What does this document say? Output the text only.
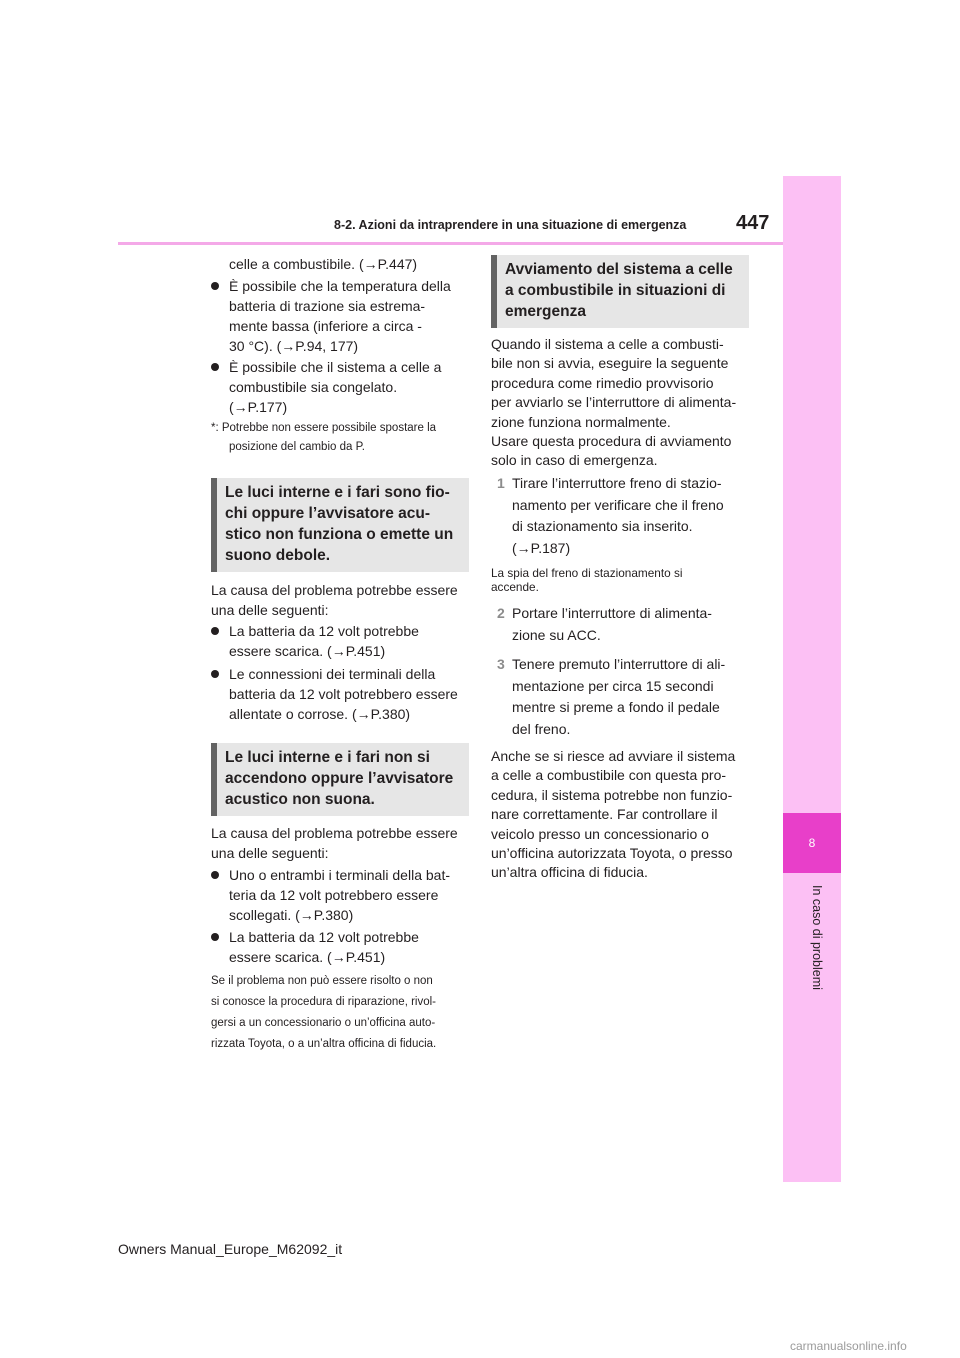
8-2. Azioni da intraprendere in una situazione di emergenza 447
8
In caso di problemi
celle a combustibile. (→P.447)
È possibile che la temperatura della
batteria di trazione sia estrema-
mente bassa (inferiore a circa -
30 °C). (→P.94, 177)
È possibile che il sistema a celle a
combustibile sia congelato.
(→P.177)
*: Potrebbe non essere possibile spostare la
posizione del cambio da P.
Le luci interne e i fari sono fio-
chi oppure l’avvisatore acu-
stico non funziona o emette un
suono debole.
La causa del problema potrebbe essere
una delle seguenti:
La batteria da 12 volt potrebbe
essere scarica. (→P.451)
Le connessioni dei terminali della
batteria da 12 volt potrebbero essere
allentate o corrose. (→P.380)
Le luci interne e i fari non si
accendono oppure l’avvisatore
acustico non suona.
La causa del problema potrebbe essere
una delle seguenti:
Uno o entrambi i terminali della bat-
teria da 12 volt potrebbero essere
scollegati. (→P.380)
La batteria da 12 volt potrebbe
essere scarica. (→P.451)
Se il problema non può essere risolto o non
si conosce la procedura di riparazione, rivol-
gersi a un concessionario o un’officina auto-
rizzata Toyota, o a un’altra officina di fiducia.
Avviamento del sistema a celle
a combustibile in situazioni di
emergenza
Quando il sistema a celle a combusti-
bile non si avvia, eseguire la seguente
procedura come rimedio provvisorio
per avviarlo se l’interruttore di alimenta-
zione funziona normalmente.
Usare questa procedura di avviamento
solo in caso di emergenza.
1 Tirare l’interruttore freno di stazio-
namento per verificare che il freno
di stazionamento sia inserito.
(→P.187)
La spia del freno di stazionamento si
accende.
2 Portare l’interruttore di alimenta-
zione su ACC.
3 Tenere premuto l’interruttore di ali-
mentazione per circa 15 secondi
mentre si preme a fondo il pedale
del freno.
Anche se si riesce ad avviare il sistema
a celle a combustibile con questa pro-
cedura, il sistema potrebbe non funzio-
nare correttamente. Far controllare il
veicolo presso un concessionario o
un’officina autorizzata Toyota, o presso
un’altra officina di fiducia.
Owners Manual_Europe_M62092_it
carmanualsonline.info
